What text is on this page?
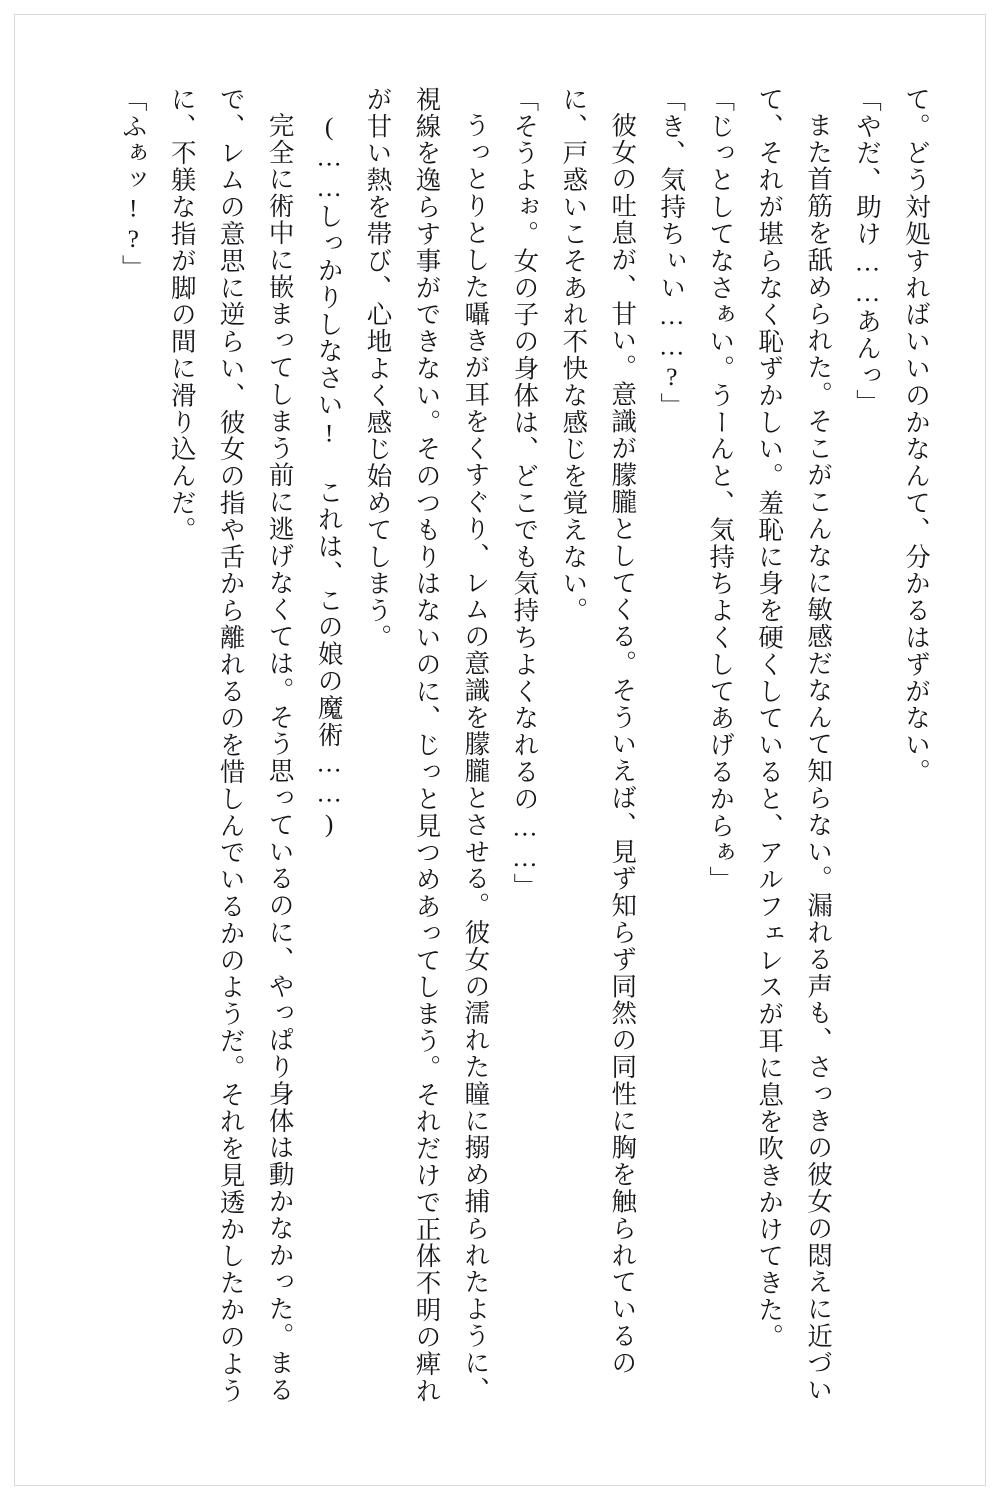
て。どう対処すればいいのかなんて、分かるはずがない。

「やだ、助け……あんっ」

また首筋を舐められた。そこがこんなに敏感だなんて知らない。漏れる声も、さっきの彼女の悶えに近づいて、それが堪らなく恥ずかしい。羞恥に身を硬くしていると、アルフェレスが耳に息を吹きかけてきた。

「じっとしてなさぁい。うーんと、気持ちよくしてあげるからぁ」

「き、気持ちぃい……?」

彼女の吐息が、甘い。意識が朦朧としてくる。そういえば、見ず知らず同然の同性に胸を触られているのに、戸惑いこそあれ不快な感じを覚えない。

「そうよぉ。女の子の身体は、どこでも気持ちよくなれるの……」

うっとりとした囁きが耳をくすぐり、レムの意識を朦朧とさせる。彼女の濡れた瞳に搦め捕られたように、視線を逸らす事ができない。そのつもりはないのに、じっと見つめあってしまう。それだけで正体不明の痺れが甘い熱を帯び、心地よく感じ始めてしまう。

(……しっかりしなさい! これは、この娘の魔術……)

完全に術中に嵌まってしまう前に逃げなくては。そう思っているのに、やっぱり身体は動かなかった。まるで、レムの意思に逆らい、彼女の指や舌から離れるのを惜しんでいるかのようだ。それを見透かしたかのように、不躾な指が脚の間に滑り込んだ。

「ふぁッ!?」
